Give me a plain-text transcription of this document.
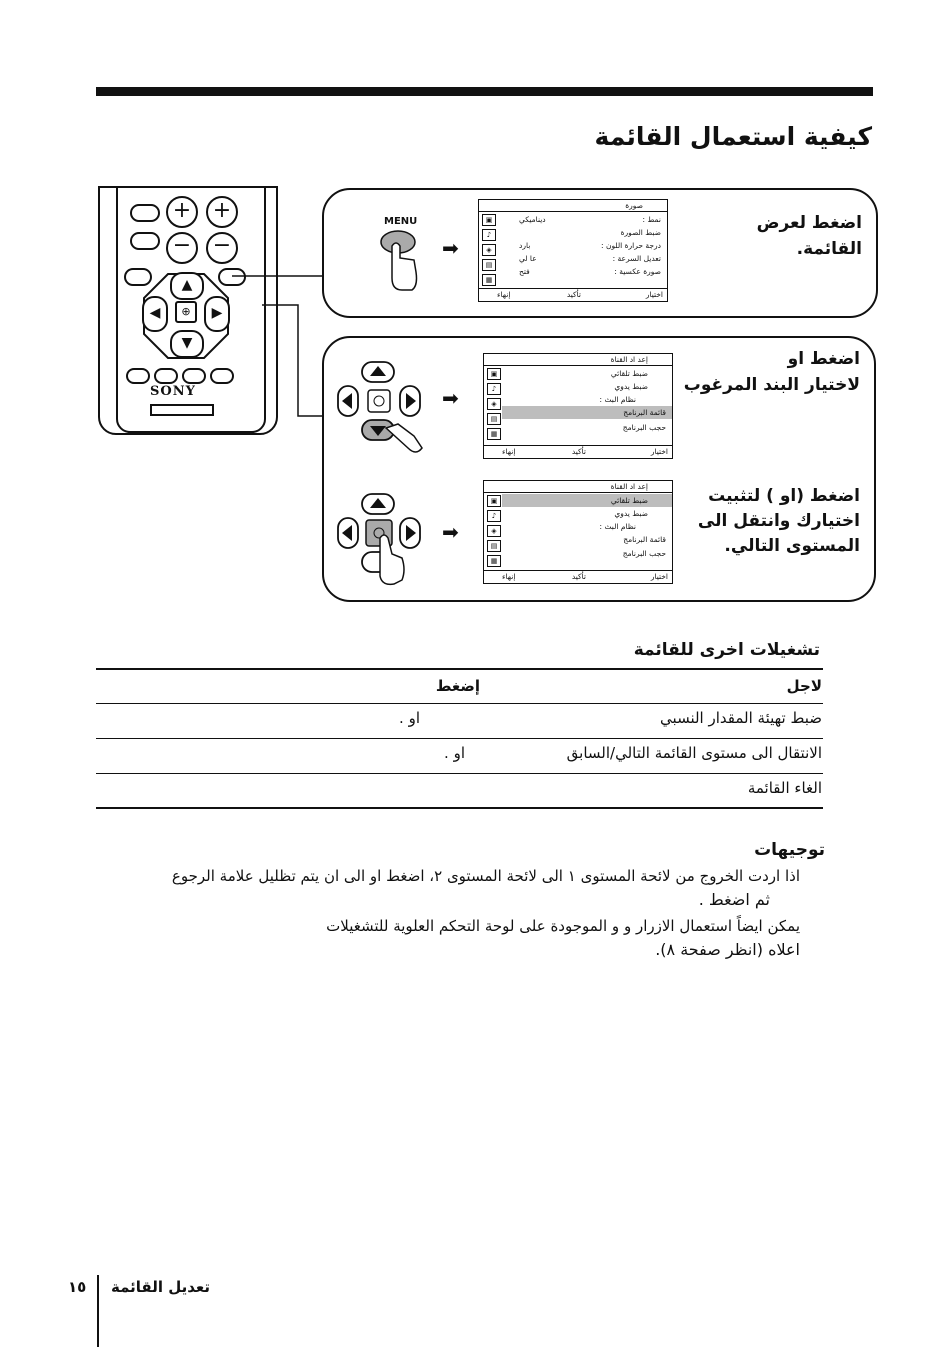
كيفية استعمال القائمة
+ +
− −
▲
▼
◀	▶
⊕
SONY
اضغط لعرض
القائمة.
MENU
➡
صورة
▣
♪
◈
▤
▦
نمط :
ديناميكي
ضبط الصورة
درجة حرارة اللون :
بارد
تعديل السرعة :
عا لي
صورة عكسية :
فتح
اختيار
تأكيد
إنهاء
اضغط او
لاختيار البند المرغوب
➡
إعد اد القناة
▣
♪
◈
▤
▦
ضبط تلقائي
ضبط يدوي
نظام البث :
قائمة البرنامج
حجب البرنامج
اختيار
تأكيد
إنهاء
اضغط (او ) لتثبيت
اختيارك وانتقل الى
المستوى التالي.
➡
إعد اد القناة
▣
♪
◈
▤
▦
ضبط تلقائي
ضبط يدوي
نظام البث :
قائمة البرنامج
حجب البرنامج
اختيار
تأكيد
إنهاء
تشغيلات اخرى للقائمة
لاجل
إضغط
ضبط تهيئة المقدار النسبي
او .
الانتقال الى مستوى القائمة التالي/السابق
او .
الغاء القائمة
توجيهات
اذا اردت الخروج من لائحة المستوى ١ الى لائحة المستوى ٢، اضغط او الى ان يتم تظليل علامة الرجوع
ثم اضغط .
يمكن ايضاً استعمال الازرار و و الموجودة على لوحة التحكم العلوية للتشغيلات
اعلاه (انظر صفحة ٨).
تعديل القائمة
١٥
